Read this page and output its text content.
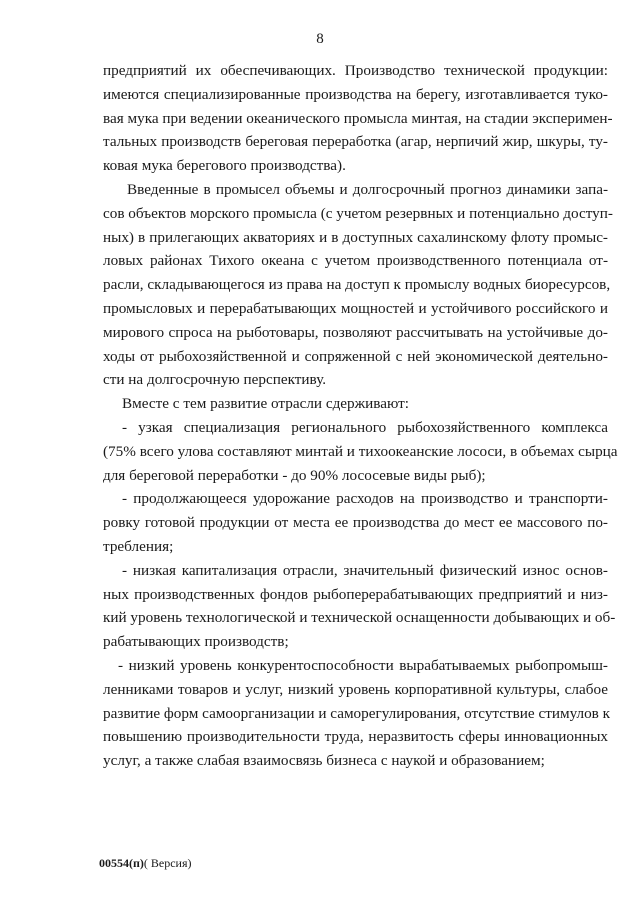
8
предприятий их обеспечивающих. Производство технической продукции:
имеются специализированные производства на берегу, изготавливается туко-
вая мука при ведении океанического промысла минтая, на стадии эксперимен-
тальных производств береговая переработка (агар, нерпичий жир, шкуры, ту-
ковая мука берегового производства).
Введенные в промысел объемы и долгосрочный прогноз динамики запа-
сов объектов морского промысла (с учетом резервных и потенциально доступ-
ных) в прилегающих акваториях и в доступных сахалинскому флоту промыс-
ловых районах Тихого океана с учетом производственного потенциала от-
расли, складывающегося из права на доступ к промыслу водных биоресурсов,
промысловых и перерабатывающих мощностей и устойчивого российского и
мирового спроса на рыботовары, позволяют рассчитывать на устойчивые до-
ходы от рыбохозяйственной и сопряженной с ней экономической деятельно-
сти на долгосрочную перспективу.
Вместе с тем развитие отрасли сдерживают:
- узкая специализация регионального рыбохозяйственного комплекса
(75% всего улова составляют минтай и тихоокеанские лососи, в объемах сырца
для береговой переработки - до 90% лососевые виды рыб);
- продолжающееся удорожание расходов на производство и транспорти-
ровку готовой продукции от места ее производства до мест ее массового по-
требления;
- низкая капитализация отрасли, значительный физический износ основ-
ных производственных фондов рыбоперерабатывающих предприятий и низ-
кий уровень технологической и технической оснащенности добывающих и об-
рабатывающих производств;
- низкий уровень конкурентоспособности вырабатываемых рыбопромыш-
ленниками товаров и услуг, низкий уровень корпоративной культуры, слабое
развитие форм самоорганизации и саморегулирования, отсутствие стимулов к
повышению производительности труда, неразвитость сферы инновационных
услуг, а также слабая взаимосвязь бизнеса с наукой и образованием;
00554(п)( Версия)
